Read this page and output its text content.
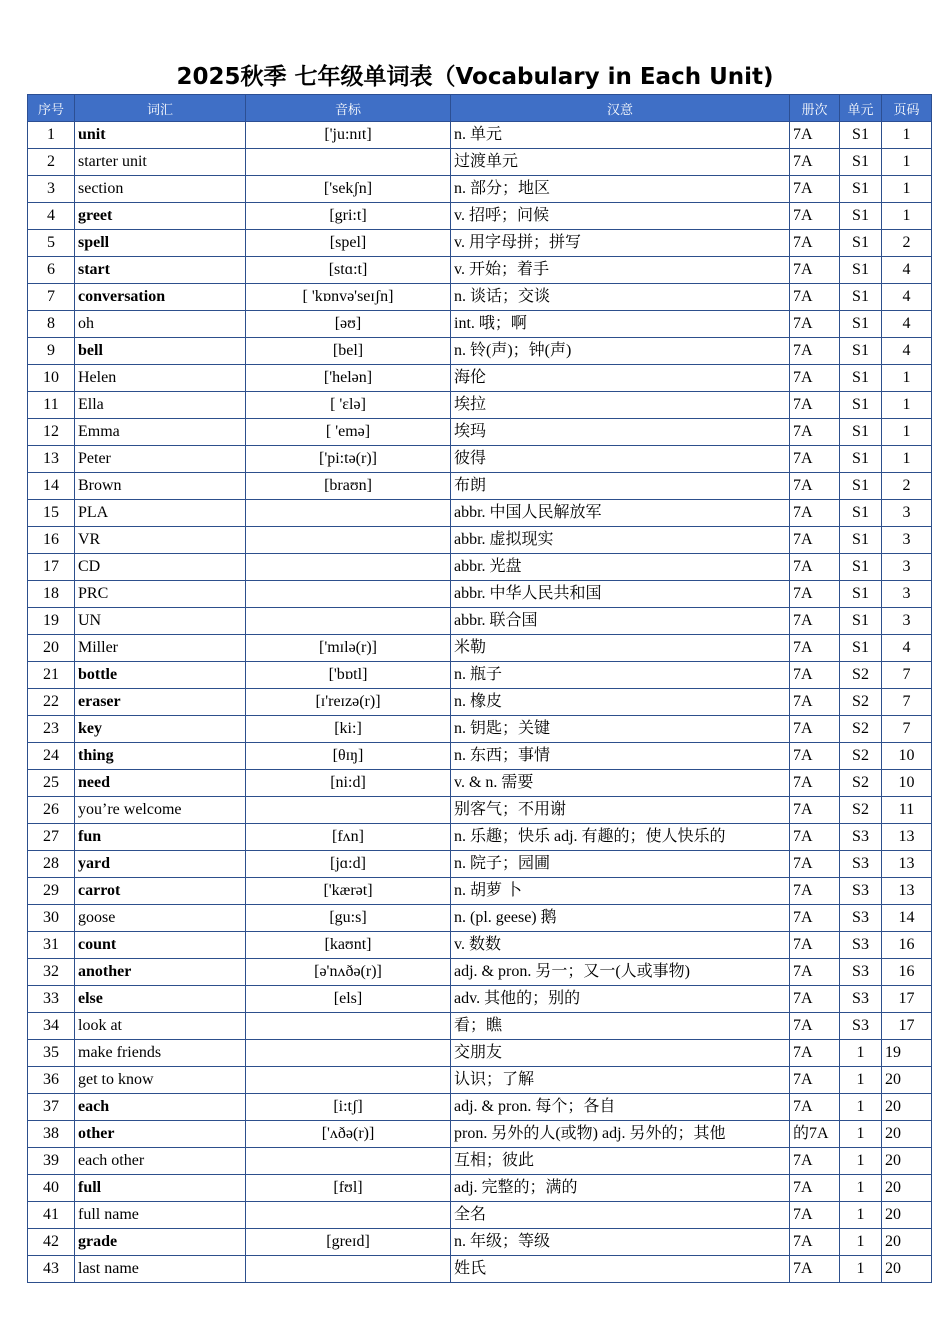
2025秋季 七年级单词表（Vocabulary in Each Unit)
序号	词汇	音标	汉意	册次	单元	页码
1	unit	['ju:nɪt]	n. 单元	7A	S1	1
2	starter unit		过渡单元	7A	S1	1
3	section	['sekʃn]	n. 部分；地区	7A	S1	1
4	greet	[gri:t]	v. 招呼；问候	7A	S1	1
5	spell	[spel]	v. 用字母拼；拼写	7A	S1	2
6	start	[stɑ:t]	v. 开始；着手	7A	S1	4
7	conversation	[ 'kɒnvə'seɪʃn]	n. 谈话；交谈	7A	S1	4
8	oh	[əʊ]	int. 哦；啊	7A	S1	4
9	bell	[bel]	n. 铃(声)；钟(声)	7A	S1	4
10	Helen	['helən]	海伦	7A	S1	1
11	Ella	[ 'ɛlə]	埃拉	7A	S1	1
12	Emma	[ 'emə]	埃玛	7A	S1	1
13	Peter	['pi:tə(r)]	彼得	7A	S1	1
14	Brown	[braʊn]	布朗	7A	S1	2
15	PLA		abbr. 中国人民解放军	7A	S1	3
16	VR		abbr. 虚拟现实	7A	S1	3
17	CD		abbr. 光盘	7A	S1	3
18	PRC		abbr. 中华人民共和国	7A	S1	3
19	UN		abbr. 联合国	7A	S1	3
20	Miller	['mɪlə(r)]	米勒	7A	S1	4
21	bottle	['bɒtl]	n. 瓶子	7A	S2	7
22	eraser	[ɪ'reɪzə(r)]	n. 橡皮	7A	S2	7
23	key	[ki:]	n. 钥匙；关键	7A	S2	7
24	thing	[θɪŋ]	n. 东西；事情	7A	S2	10
25	need	[ni:d]	v. & n. 需要	7A	S2	10
26	you’re welcome		别客气；不用谢	7A	S2	11
27	fun	[fʌn]	n. 乐趣；快乐 adj. 有趣的；使人快乐的	7A	S3	13
28	yard	[jɑ:d]	n. 院子；园圃	7A	S3	13
29	carrot	['kærət]	n. 胡萝 卜	7A	S3	13
30	goose	[gu:s]	n. (pl. geese) 鹅	7A	S3	14
31	count	[kaʊnt]	v. 数数	7A	S3	16
32	another	[ə'nʌðə(r)]	adj. & pron. 另一；又一(人或事物)	7A	S3	16
33	else	[els]	adv. 其他的；别的	7A	S3	17
34	look at		看；瞧	7A	S3	17
35	make friends		交朋友	7A	1	19
36	get to know		认识；了解	7A	1	20
37	each	[i:tʃ]	adj. & pron. 每个；各自	7A	1	20
38	other	['ʌðə(r)]	pron. 另外的人(或物) adj. 另外的；其他	的7A	1	20
39	each other		互相；彼此	7A	1	20
40	full	[fʊl]	adj. 完整的；满的	7A	1	20
41	full name		全名	7A	1	20
42	grade	[greɪd]	n. 年级；等级	7A	1	20
43	last name		姓氏	7A	1	20
